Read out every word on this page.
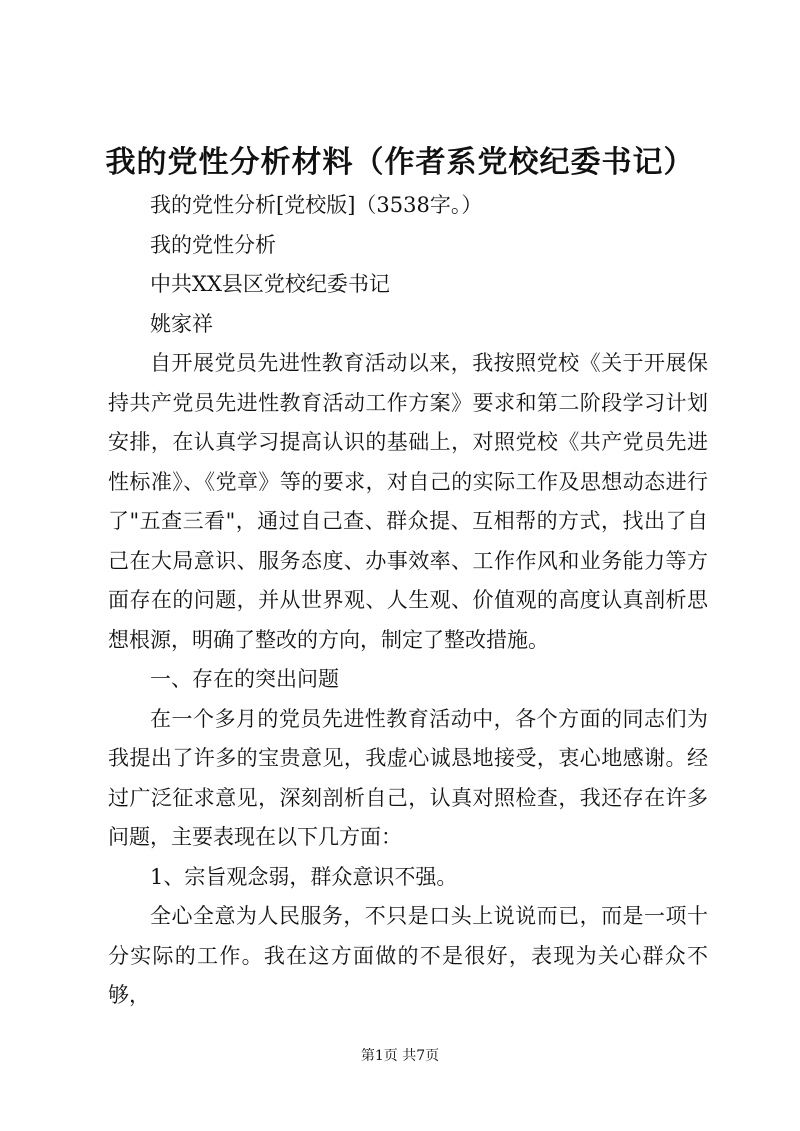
我的党性分析材料（作者系党校纪委书记）

我的党性分析[党校版]（3538字。）

我的党性分析

中共XX县区党校纪委书记

姚家祥

自开展党员先进性教育活动以来，我按照党校《关于开展保持共产党员先进性教育活动工作方案》要求和第二阶段学习计划安排，在认真学习提高认识的基础上，对照党校《共产党员先进性标准》、《党章》等的要求，对自己的实际工作及思想动态进行了"五查三看"，通过自己查、群众提、互相帮的方式，找出了自己在大局意识、服务态度、办事效率、工作作风和业务能力等方面存在的问题，并从世界观、人生观、价值观的高度认真剖析思想根源，明确了整改的方向，制定了整改措施。

一、存在的突出问题

在一个多月的党员先进性教育活动中，各个方面的同志们为我提出了许多的宝贵意见，我虚心诚恳地接受，衷心地感谢。经过广泛征求意见，深刻剖析自己，认真对照检查，我还存在许多问题，主要表现在以下几方面：

1、宗旨观念弱，群众意识不强。

全心全意为人民服务，不只是口头上说说而已，而是一项十分实际的工作。我在这方面做的不是很好，表现为关心群众不够，

第1页 共7页
